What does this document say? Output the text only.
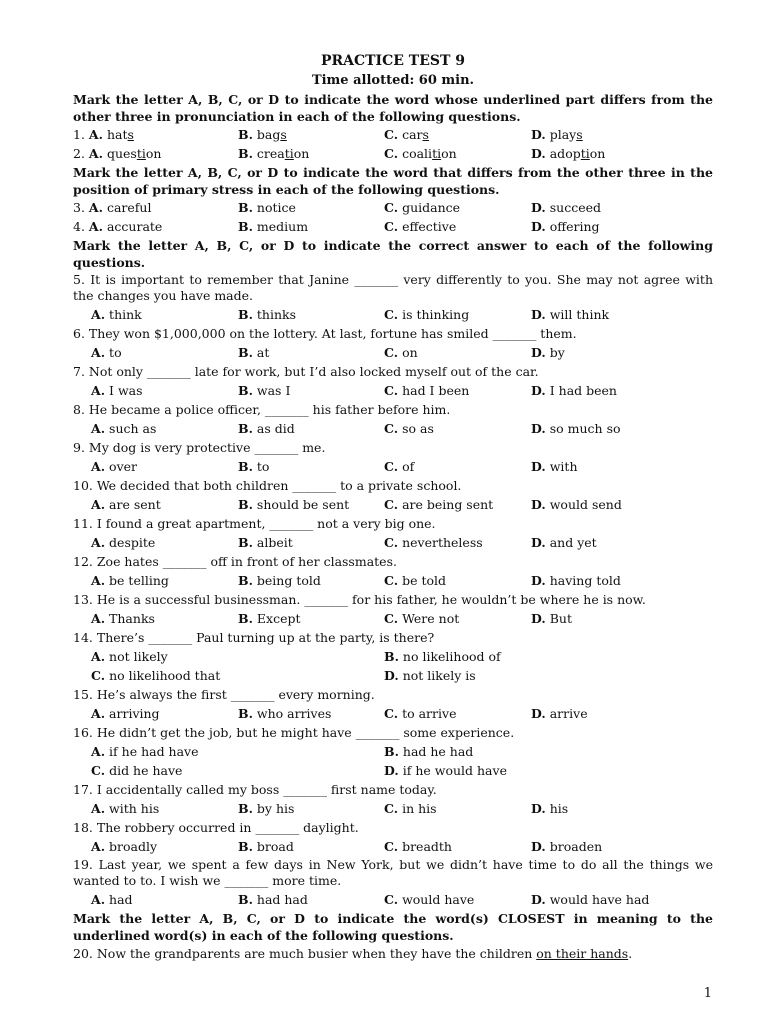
PRACTICE TEST 9
Time allotted: 60 min.
Mark the letter A, B, C, or D to indicate the word whose underlined part differs from the other three in pronunciation in each of the following questions.
1. A. hats	B. bags	C. cars	D. plays
2. A. question	B. creation	C. coalition	D. adoption
Mark the letter A, B, C, or D to indicate the word that differs from the other three in the position of primary stress in each of the following questions.
3. A. careful	B. notice	C. guidance	D. succeed
4. A. accurate	B. medium	C. effective	D. offering
Mark the letter A, B, C, or D to indicate the correct answer to each of the following questions.
5. It is important to remember that Janine _______ very differently to you. She may not agree with the changes you have made.
A. think	B. thinks	C. is thinking	D. will think
6. They won $1,000,000 on the lottery. At last, fortune has smiled _______ them.
A. to	B. at	C. on	D. by
7. Not only _______ late for work, but I’d also locked myself out of the car.
A. I was	B. was I	C. had I been	D. I had been
8. He became a police officer, _______ his father before him.
A. such as	B. as did	C. so as	D. so much so
9. My dog is very protective _______ me.
A. over	B. to	C. of	D. with
10. We decided that both children _______ to a private school.
A. are sent	B. should be sent	C. are being sent	D. would send
11. I found a great apartment, _______ not a very big one.
A. despite	B. albeit	C. nevertheless	D. and yet
12. Zoe hates _______ off in front of her classmates.
A. be telling	B. being told	C. be told	D. having told
13. He is a successful businessman. _______ for his father, he wouldn’t be where he is now.
A. Thanks	B. Except	C. Were not	D. But
14. There’s _______ Paul turning up at the party, is there?
A. not likely	B. no likelihood of
C. no likelihood that	D. not likely is
15. He’s always the first _______ every morning.
A. arriving	B. who arrives	C. to arrive	D. arrive
16. He didn’t get the job, but he might have _______ some experience.
A. if he had have	B. had he had
C. did he have	D. if he would have
17. I accidentally called my boss _______ first name today.
A. with his	B. by his	C. in his	D. his
18. The robbery occurred in _______ daylight.
A. broadly	B. broad	C. breadth	D. broaden
19. Last year, we spent a few days in New York, but we didn’t have time to do all the things we wanted to to. I wish we _______ more time.
A. had	B. had had	C. would have	D. would have had
Mark the letter A, B, C, or D to indicate the word(s) CLOSEST in meaning to the underlined word(s) in each of the following questions.
20. Now the grandparents are much busier when they have the children on their hands.
1
